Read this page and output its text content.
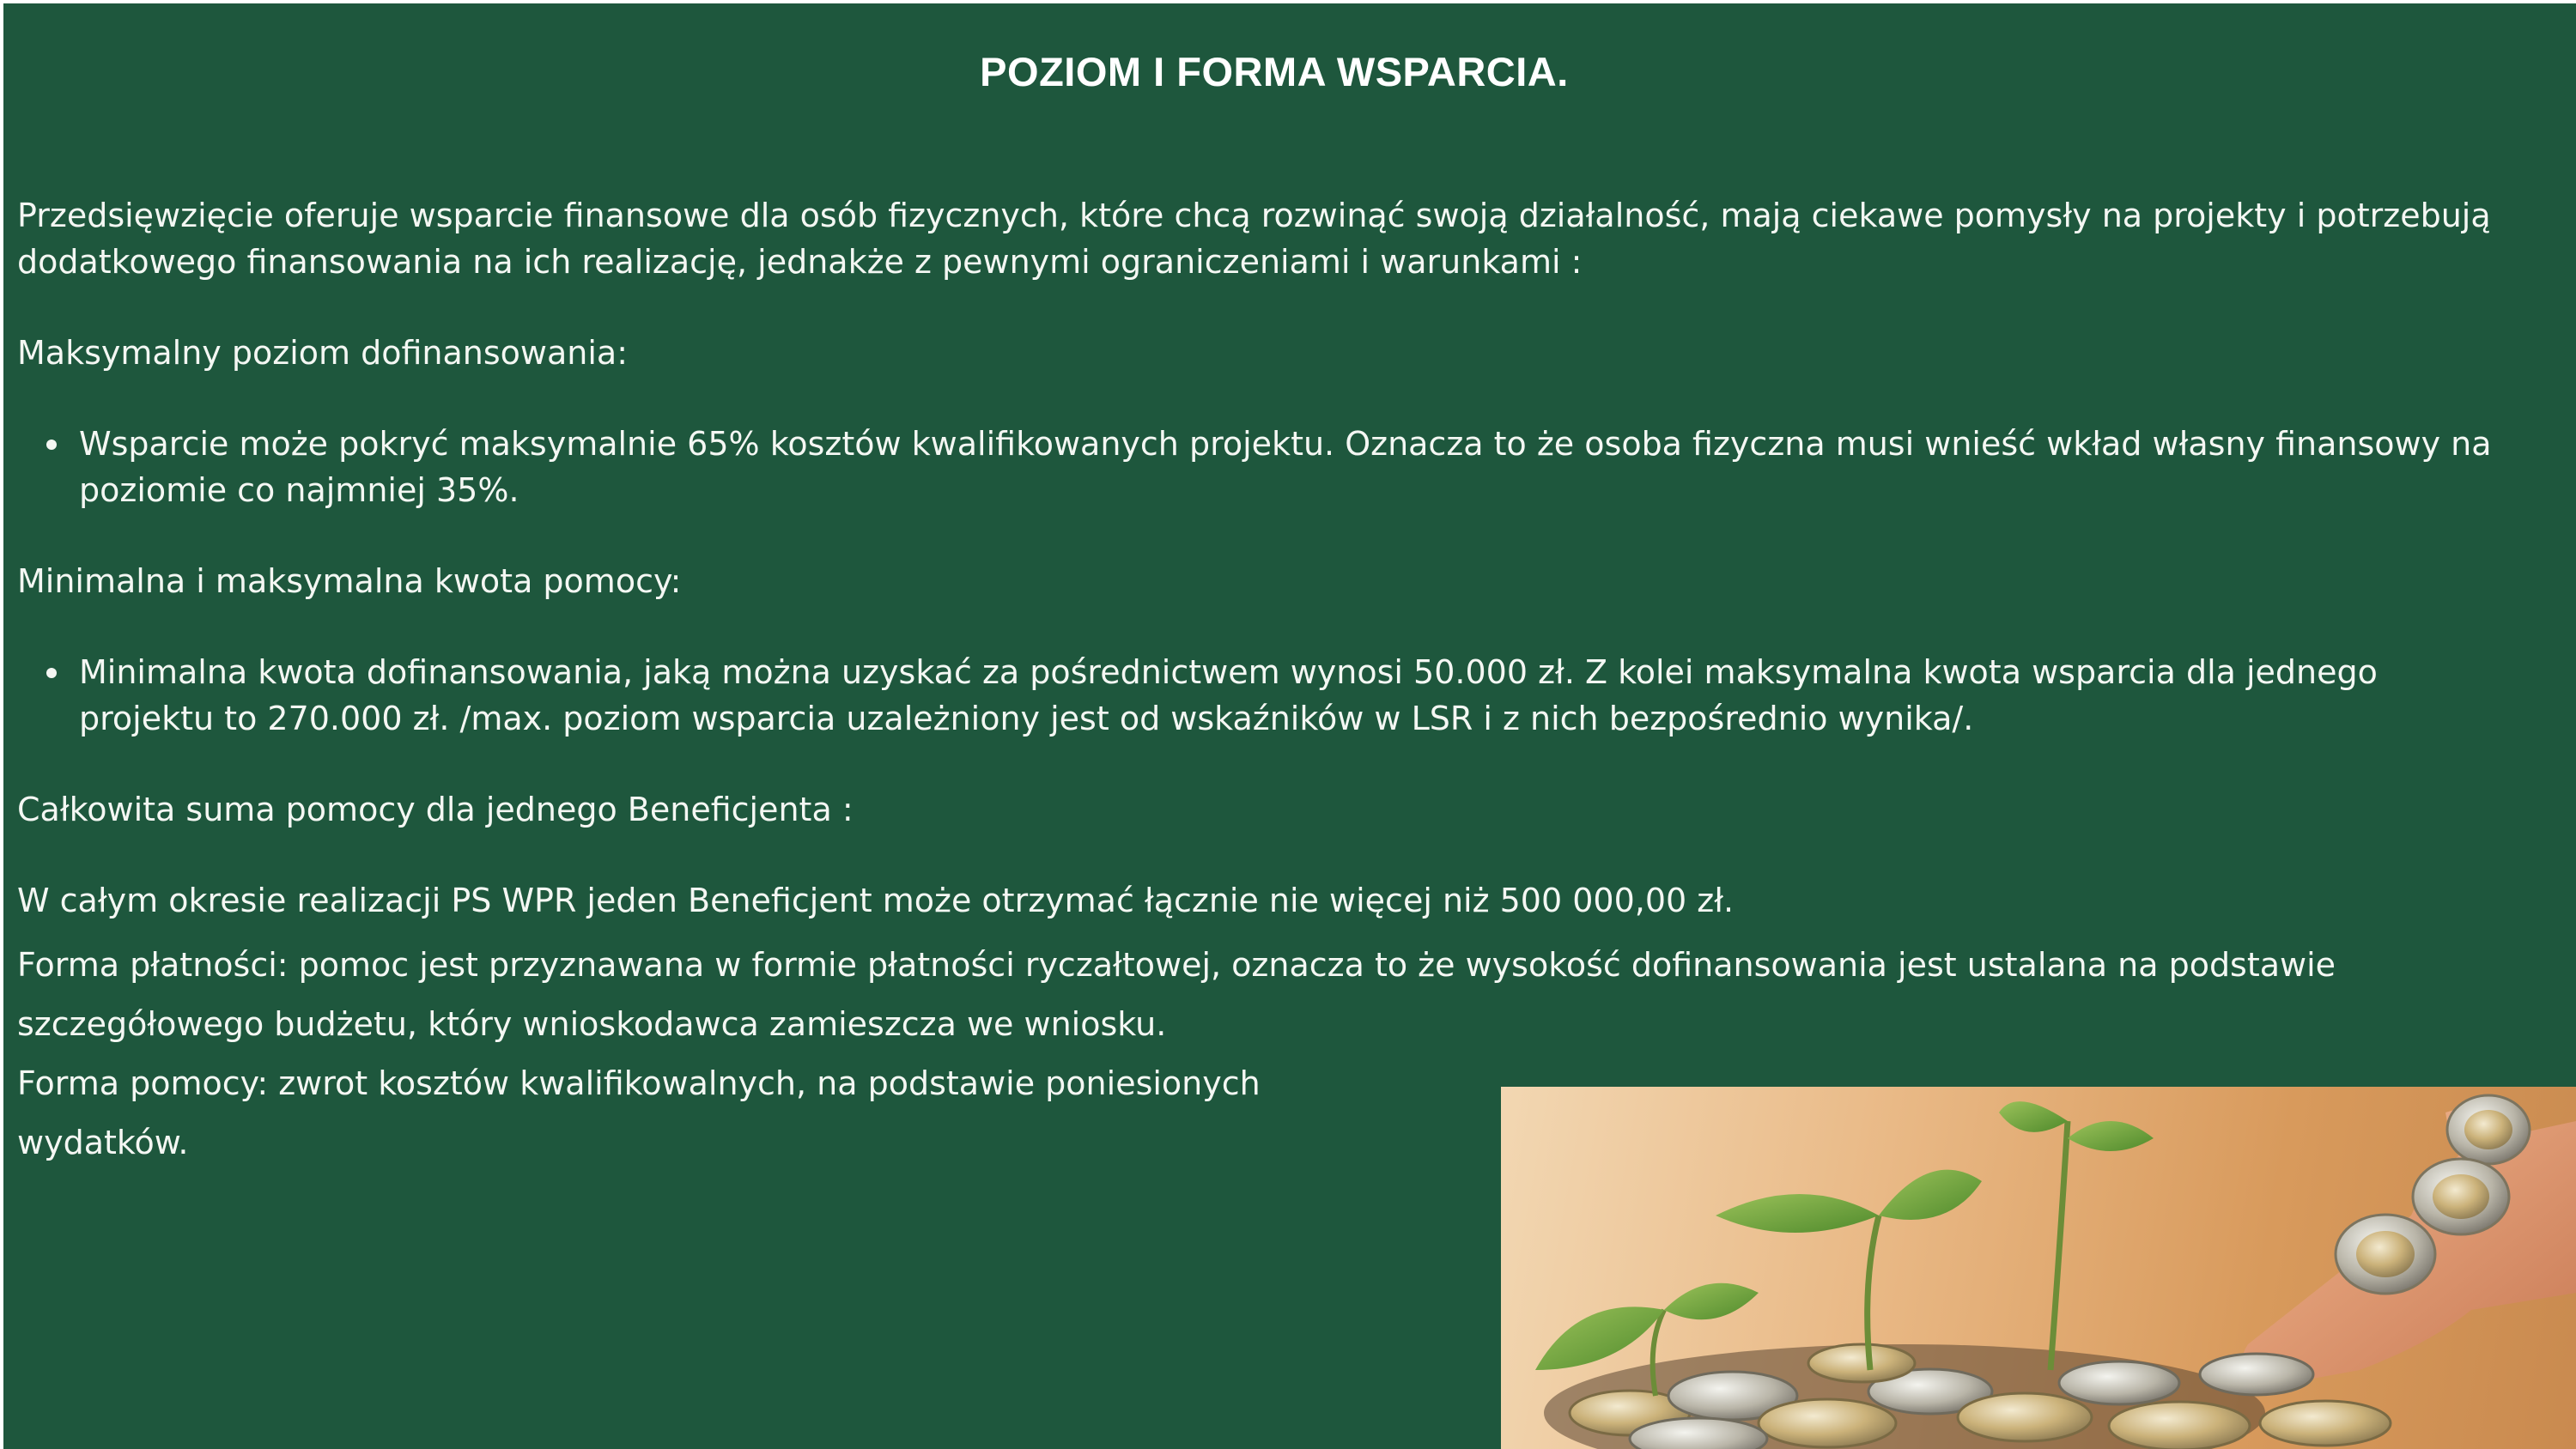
POZIOM I FORMA WSPARCIA.

Przedsięwzięcie oferuje wsparcie finansowe dla osób fizycznych, które chcą rozwinąć swoją działalność, mają ciekawe pomysły na projekty i potrzebują dodatkowego finansowania na ich realizację, jednakże z pewnymi ograniczeniami i warunkami :

Maksymalny poziom dofinansowania:

Wsparcie może pokryć maksymalnie 65% kosztów kwalifikowanych projektu. Oznacza to że osoba fizyczna musi wnieść wkład własny finansowy na poziomie co najmniej 35%.

Minimalna i maksymalna kwota pomocy:

Minimalna kwota dofinansowania, jaką można uzyskać za pośrednictwem wynosi 50.000 zł. Z kolei maksymalna kwota wsparcia dla jednego projektu to 270.000 zł. /max. poziom wsparcia uzależniony jest od wskaźników w LSR i z nich bezpośrednio wynika/.

Całkowita suma pomocy dla jednego Beneficjenta :

W całym okresie realizacji PS WPR jeden Beneficjent może otrzymać łącznie nie więcej niż 500 000,00 zł.

Forma płatności: pomoc jest przyznawana w formie płatności ryczałtowej, oznacza to że wysokość dofinansowania jest ustalana na podstawie szczegółowego budżetu, który wnioskodawca zamieszcza we wniosku.

Forma pomocy: zwrot kosztów kwalifikowalnych, na podstawie poniesionych wydatków.
